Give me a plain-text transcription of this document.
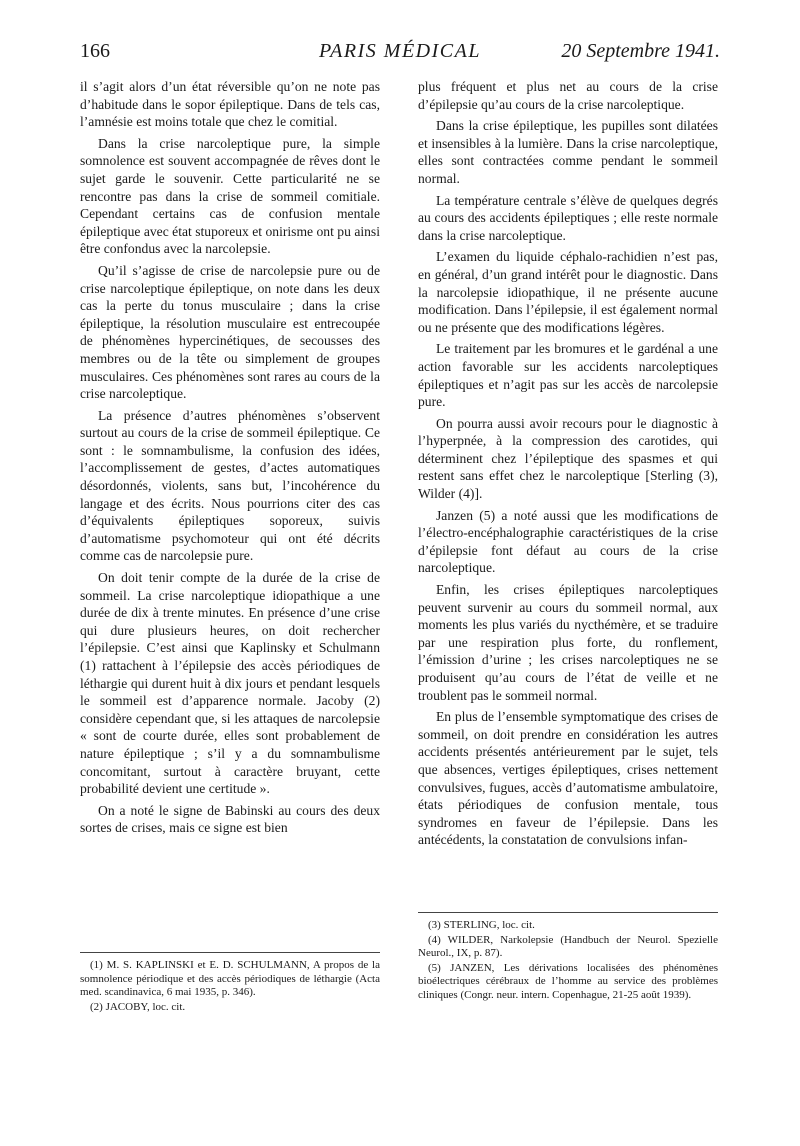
166	PARIS MÉDICAL	20 Septembre 1941.

il s’agit alors d’un état réversible qu’on ne note pas d’habitude dans le sopor épileptique. Dans de tels cas, l’amnésie est moins totale que chez le comitial.

Dans la crise narcoleptique pure, la simple somnolence est souvent accompagnée de rêves dont le sujet garde le souvenir. Cette particularité ne se rencontre pas dans la crise de sommeil comitiale. Cependant certains cas de confusion mentale épileptique avec état stuporeux et onirisme ont pu ainsi être confondus avec la narcolepsie.

Qu’il s’agisse de crise de narcolepsie pure ou de crise narcoleptique épileptique, on note dans les deux cas la perte du tonus musculaire ; dans la crise épileptique, la résolution musculaire est entrecoupée de phénomènes hypercinétiques, de secousses des membres ou de la tête ou simplement de groupes musculaires. Ces phénomènes sont rares au cours de la crise narcoleptique.

La présence d’autres phénomènes s’observent surtout au cours de la crise de sommeil épileptique. Ce sont : le somnambulisme, la confusion des idées, l’accomplissement de gestes, d’actes automatiques désordonnés, violents, sans but, l’incohérence du langage et des écrits. Nous pourrions citer des cas d’équivalents épileptiques soporeux, suivis d’automatisme psychomoteur qui ont été décrits comme cas de narcolepsie pure.

On doit tenir compte de la durée de la crise de sommeil. La crise narcoleptique idiopathique a une durée de dix à trente minutes. En présence d’une crise qui dure plusieurs heures, on doit rechercher l’épilepsie. C’est ainsi que Kaplinsky et Schulmann (1) rattachent à l’épilepsie des accès périodiques de léthargie qui durent huit à dix jours et pendant lesquels le sommeil est d’apparence normale. Jacoby (2) considère cependant que, si les attaques de narcolepsie « sont de courte durée, elles sont probablement de nature épileptique ; s’il y a du somnambulisme concomitant, surtout à caractère bruyant, cette probabilité devient une certitude ».

On a noté le signe de Babinski au cours des deux sortes de crises, mais ce signe est bien

plus fréquent et plus net au cours de la crise d’épilepsie qu’au cours de la crise narcoleptique.

Dans la crise épileptique, les pupilles sont dilatées et insensibles à la lumière. Dans la crise narcoleptique, elles sont contractées comme pendant le sommeil normal.

La température centrale s’élève de quelques degrés au cours des accidents épileptiques ; elle reste normale dans la crise narcoleptique.

L’examen du liquide céphalo-rachidien n’est pas, en général, d’un grand intérêt pour le diagnostic. Dans la narcolepsie idiopathique, il ne présente aucune modification. Dans l’épilepsie, il est également normal ou ne présente que des modifications légères.

Le traitement par les bromures et le gardénal a une action favorable sur les accidents narcoleptiques épileptiques et n’agit pas sur les accès de narcolepsie pure.

On pourra aussi avoir recours pour le diagnostic à l’hyperpnée, à la compression des carotides, qui déterminent chez l’épileptique des spasmes et qui restent sans effet chez le narcoleptique [Sterling (3), Wilder (4)].

Janzen (5) a noté aussi que les modifications de l’électro-encéphalographie caractéristiques de la crise d’épilepsie font défaut au cours de la crise narcoleptique.

Enfin, les crises épileptiques narcoleptiques peuvent survenir au cours du sommeil normal, aux moments les plus variés du nycthémère, et se traduire par une respiration plus forte, du ronflement, l’émission d’urine ; les crises narcoleptiques ne se produisent qu’au cours de l’état de veille et ne troublent pas le sommeil normal.

En plus de l’ensemble symptomatique des crises de sommeil, on doit prendre en considération les autres accidents présentés antérieurement par le sujet, tels que absences, vertiges épileptiques, crises nettement convulsives, fugues, accès d’automatisme ambulatoire, états périodiques de confusion mentale, tous syndromes en faveur de l’épilepsie. Dans les antécédents, la constatation de convulsions infan-

(1) M. S. KAPLINSKI et E. D. SCHULMANN, A propos de la somnolence périodique et des accès périodiques de léthargie (Acta med. scandinavica, 6 mai 1935, p. 346).

(2) JACOBY, loc. cit.

(3) STERLING, loc. cit.

(4) WILDER, Narkolepsie (Handbuch der Neurol. Spezielle Neurol., IX, p. 87).

(5) JANZEN, Les dérivations localisées des phénomènes bioélectriques cérébraux de l’homme au service des problèmes cliniques (Congr. neur. intern. Copenhague, 21-25 août 1939).
